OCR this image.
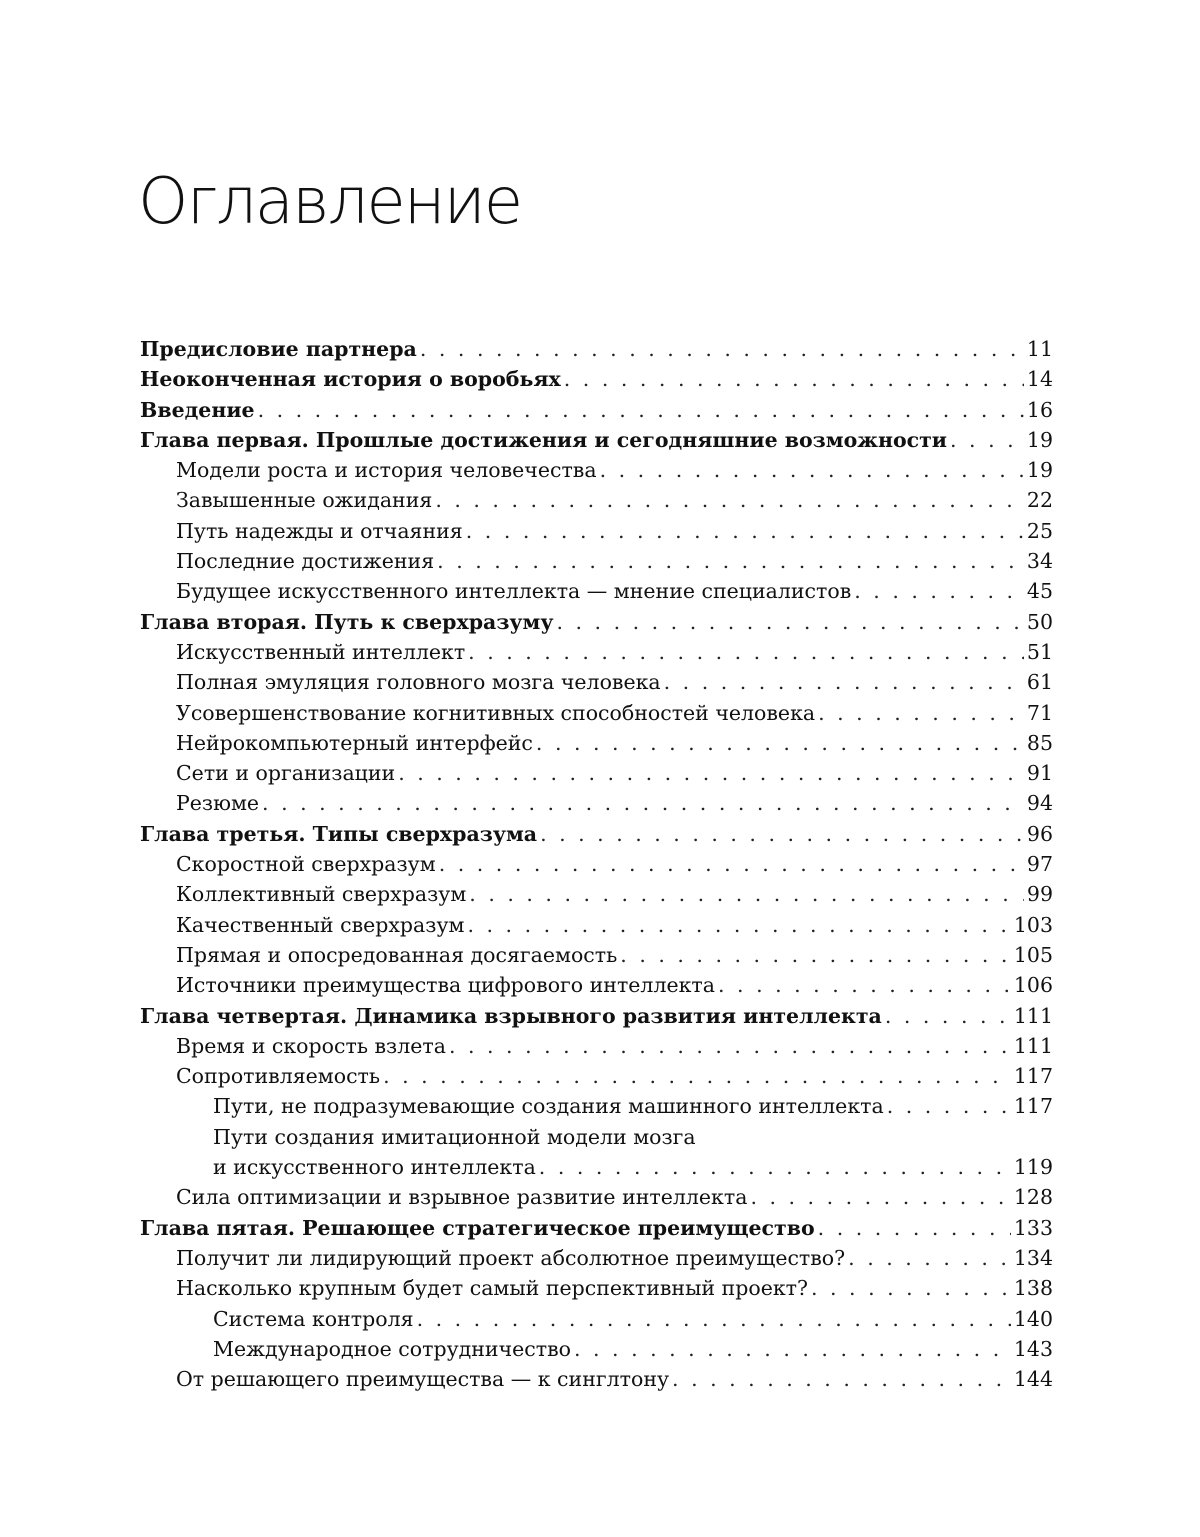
Оглавление
Предисловие партнера . . .	11
Неоконченная история о воробьях . . .	14
Введение . . .	16
Глава первая. Прошлые достижения и сегодняшние возможности . . .	19
Модели роста и история человечества . . .	19
Завышенные ожидания . . .	22
Путь надежды и отчаяния . . .	25
Последние достижения . . .	34
Будущее искусственного интеллекта — мнение специалистов . . .	45
Глава вторая. Путь к сверхразуму . . .	50
Искусственный интеллект . . .	51
Полная эмуляция головного мозга человека . . .	61
Усовершенствование когнитивных способностей человека . . .	71
Нейрокомпьютерный интерфейс . . .	85
Сети и организации . . .	91
Резюме . . .	94
Глава третья. Типы сверхразума . . .	96
Скоростной сверхразум . . .	97
Коллективный сверхразум . . .	99
Качественный сверхразум . . .	103
Прямая и опосредованная досягаемость . . .	105
Источники преимущества цифрового интеллекта . . .	106
Глава четвертая. Динамика взрывного развития интеллекта . . .	111
Время и скорость взлета . . .	111
Сопротивляемость . . .	117
Пути, не подразумевающие создания машинного интеллекта . . .	117
Пути создания имитационной модели мозга
и искусственного интеллекта . . .	119
Сила оптимизации и взрывное развитие интеллекта . . .	128
Глава пятая. Решающее стратегическое преимущество . . .	133
Получит ли лидирующий проект абсолютное преимущество? . . .	134
Насколько крупным будет самый перспективный проект? . . .	138
Система контроля . . .	140
Международное сотрудничество . . .	143
От решающего преимущества — к синглтону . . .	144
